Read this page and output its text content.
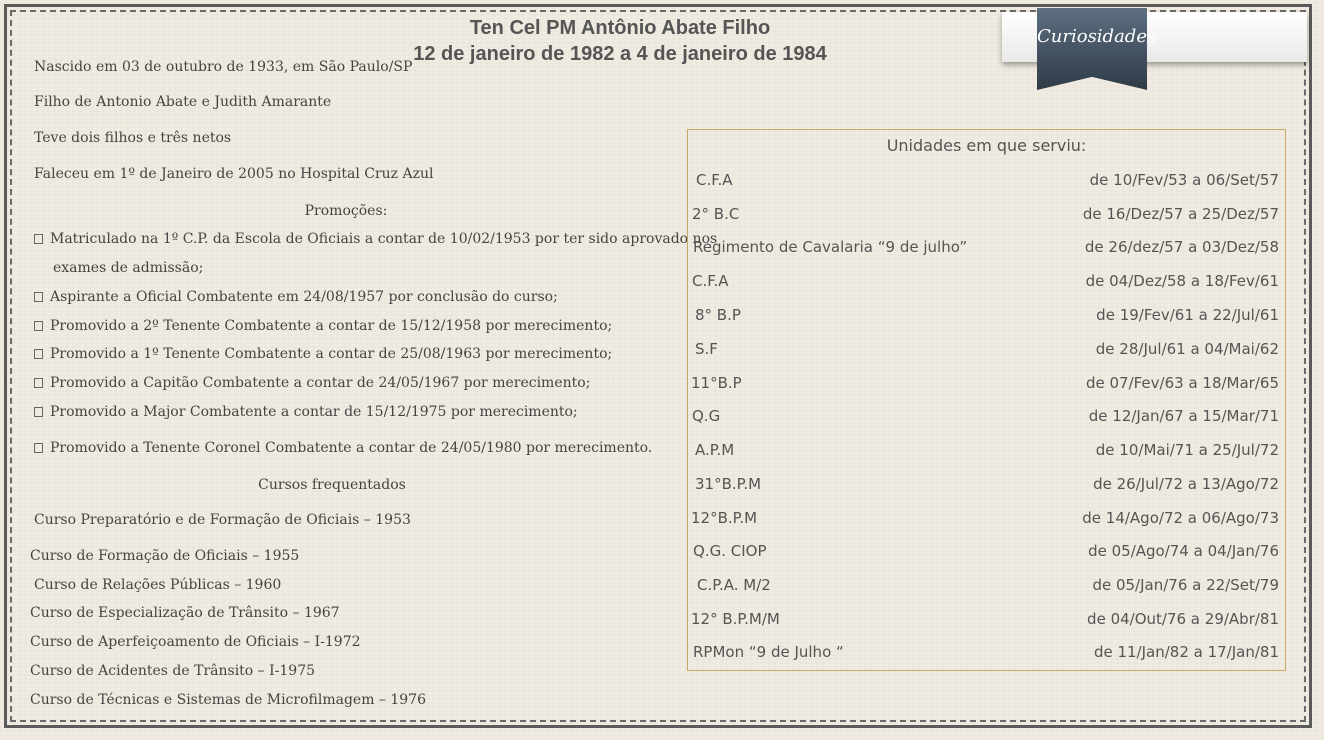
Ten Cel PM Antônio Abate Filho
12 de janeiro de 1982 a 4 de janeiro de 1984
Curiosidades
Nascido em 03 de outubro de 1933, em São Paulo/SP
Filho de Antonio Abate e Judith Amarante
Teve dois filhos e três netos
Faleceu em 1º de Janeiro de 2005 no Hospital Cruz Azul
Promoções:
Matriculado na 1º C.P. da Escola de Oficiais a contar de 10/02/1953 por ter sido aprovado nos
exames de admissão;
Aspirante a Oficial Combatente em 24/08/1957 por conclusão do curso;
Promovido a 2º Tenente Combatente a contar de 15/12/1958 por merecimento;
Promovido a 1º Tenente Combatente a contar de 25/08/1963 por merecimento;
Promovido a Capitão Combatente a contar de 24/05/1967 por merecimento;
Promovido a Major Combatente a contar de 15/12/1975 por merecimento;
Promovido a Tenente Coronel Combatente a contar de 24/05/1980 por merecimento.
Cursos frequentados
Curso Preparatório e de Formação de Oficiais – 1953
Curso de Formação de Oficiais – 1955
Curso de Relações Públicas – 1960
Curso de Especialização de Trânsito – 1967
Curso de Aperfeiçoamento de Oficiais – I-1972
Curso de Acidentes de Trânsito – I-1975
Curso de Técnicas e Sistemas de Microfilmagem – 1976
Unidades em que serviu:
C.F.A	de 10/Fev/53 a 06/Set/57
2° B.C	de 16/Dez/57 a 25/Dez/57
Regimento de Cavalaria “9 de julho”	de 26/dez/57 a 03/Dez/58
C.F.A	de 04/Dez/58 a 18/Fev/61
8° B.P	de 19/Fev/61 a 22/Jul/61
S.F	de 28/Jul/61 a 04/Mai/62
11°B.P	de 07/Fev/63 a 18/Mar/65
Q.G	de 12/Jan/67 a 15/Mar/71
A.P.M	de 10/Mai/71 a 25/Jul/72
31°B.P.M	de 26/Jul/72 a 13/Ago/72
12°B.P.M	de 14/Ago/72 a 06/Ago/73
Q.G. CIOP	de 05/Ago/74 a 04/Jan/76
C.P.A. M/2	de 05/Jan/76 a 22/Set/79
12° B.P.M/M	de 04/Out/76 a 29/Abr/81
RPMon “9 de Julho “	de 11/Jan/82 a 17/Jan/81
